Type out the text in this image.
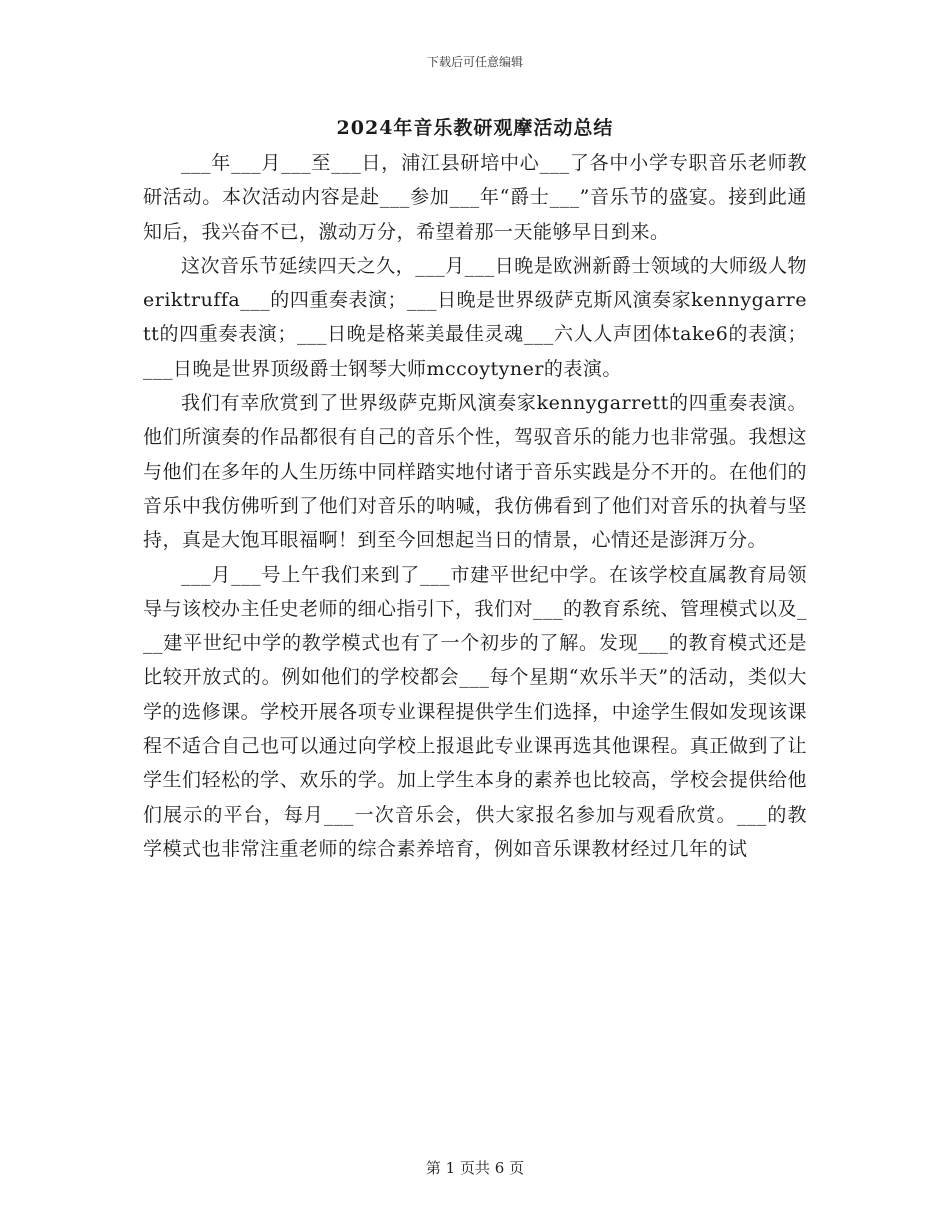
下载后可任意编辑
2024年音乐教研观摩活动总结

___年___月___至___日，浦江县研培中心___了各中小学专职音乐老师教研活动。本次活动内容是赴___参加___年“爵士___”音乐节的盛宴。接到此通知后，我兴奋不已，激动万分，希望着那一天能够早日到来。

这次音乐节延续四天之久，___月___日晚是欧洲新爵士领域的大师级人物eriktruffa___的四重奏表演；___日晚是世界级萨克斯风演奏家kennygarrett的四重奏表演；___日晚是格莱美最佳灵魂___六人人声团体take6的表演；___日晚是世界顶级爵士钢琴大师mccoytyner的表演。

我们有幸欣赏到了世界级萨克斯风演奏家kennygarrett的四重奏表演。他们所演奏的作品都很有自己的音乐个性，驾驭音乐的能力也非常强。我想这与他们在多年的人生历练中同样踏实地付诸于音乐实践是分不开的。在他们的音乐中我仿佛听到了他们对音乐的呐喊，我仿佛看到了他们对音乐的执着与坚持，真是大饱耳眼福啊！到至今回想起当日的情景，心情还是澎湃万分。

___月___号上午我们来到了___市建平世纪中学。在该学校直属教育局领导与该校办主任史老师的细心指引下，我们对___的教育系统、管理模式以及___建平世纪中学的教学模式也有了一个初步的了解。发现___的教育模式还是比较开放式的。例如他们的学校都会___每个星期“欢乐半天”的活动，类似大学的选修课。学校开展各项专业课程提供学生们选择，中途学生假如发现该课程不适合自己也可以通过向学校上报退此专业课再选其他课程。真正做到了让学生们轻松的学、欢乐的学。加上学生本身的素养也比较高，学校会提供给他们展示的平台，每月___一次音乐会，供大家报名参加与观看欣赏。___的教学模式也非常注重老师的综合素养培育，例如音乐课教材经过几年的试

第 1 页共 6 页
